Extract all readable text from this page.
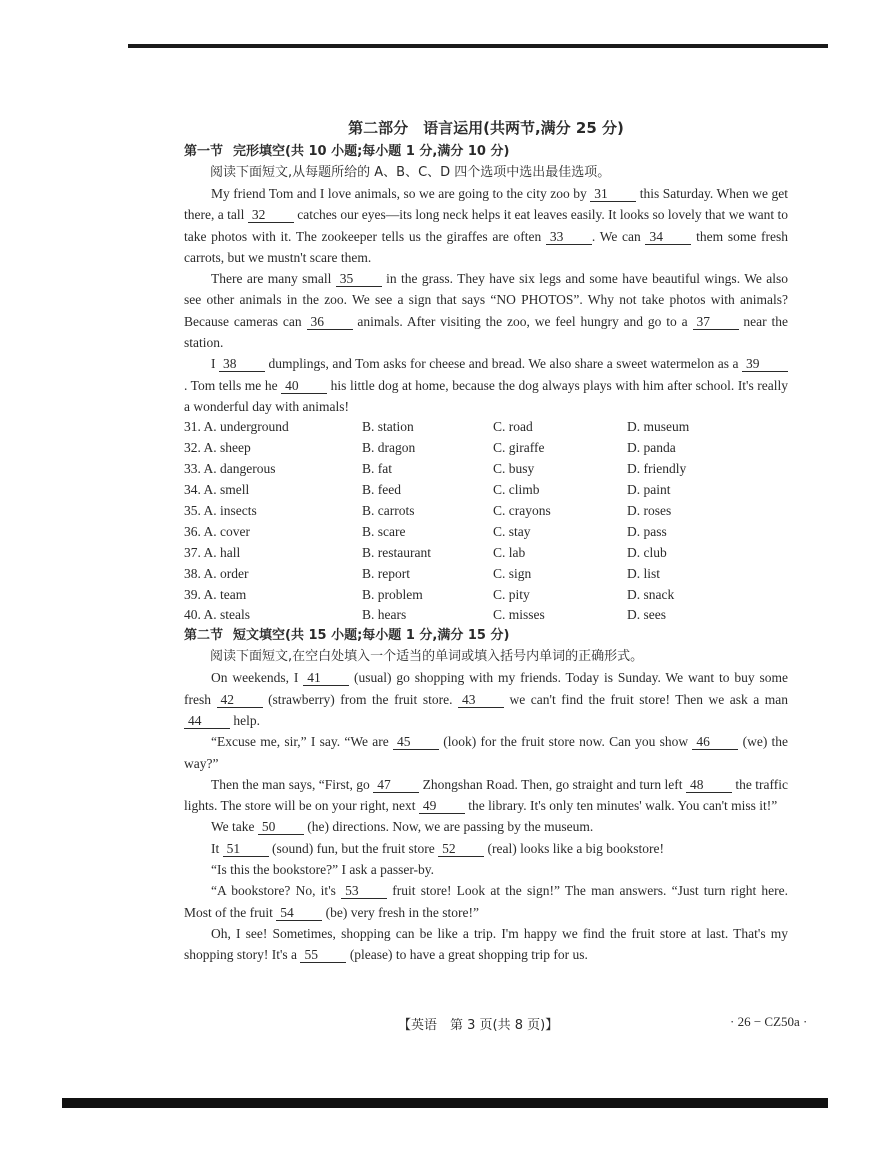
第二部分　语言运用(共两节,满分 25 分)
第一节 完形填空(共 10 小题;每小题 1 分,满分 10 分)

阅读下面短文,从每题所给的 A、B、C、D 四个选项中选出最佳选项。

My friend Tom and I love animals, so we are going to the city zoo by 31 this Saturday. When we get there, a tall 32 catches our eyes—its long neck helps it eat leaves easily. It looks so lovely that we want to take photos with it. The zookeeper tells us the giraffes are often 33 . We can 34 them some fresh carrots, but we mustn't scare them.

There are many small 35 in the grass. They have six legs and some have beautiful wings. We also see other animals in the zoo. We see a sign that says “NO PHOTOS”. Why not take photos with animals? Because cameras can 36 animals. After visiting the zoo, we feel hungry and go to a 37 near the station.

I 38 dumplings, and Tom asks for cheese and bread. We also share a sweet watermelon as a 39. Tom tells me he 40 his little dog at home, because the dog always plays with him after school. It's really a wonderful day with animals!

31. A. underground	B. station	C. road	D. museum
32. A. sheep	B. dragon	C. giraffe	D. panda
33. A. dangerous	B. fat	C. busy	D. friendly
34. A. smell	B. feed	C. climb	D. paint
35. A. insects	B. carrots	C. crayons	D. roses
36. A. cover	B. scare	C. stay	D. pass
37. A. hall	B. restaurant	C. lab	D. club
38. A. order	B. report	C. sign	D. list
39. A. team	B. problem	C. pity	D. snack
40. A. steals	B. hears	C. misses	D. sees
第二节 短文填空(共 15 小题;每小题 1 分,满分 15 分)

阅读下面短文,在空白处填入一个适当的单词或填入括号内单词的正确形式。

On weekends, I 41 (usual) go shopping with my friends. Today is Sunday. We want to buy some fresh 42	(strawberry) from the fruit store. 43	we can't find the fruit store! Then we ask a man 44 help.

“Excuse me, sir,” I say. “We are 45 (look) for the fruit store now. Can you show 46 (we) the way?”

Then the man says, “First, go 47 Zhongshan Road. Then, go straight and turn left 48 the traffic lights. The store will be on your right, next 49 the library. It's only ten minutes' walk. You can't miss it!”

We take 50 (he) directions. Now, we are passing by the museum.

It 51 (sound) fun, but the fruit store 52 (real) looks like a big bookstore!

“Is this the bookstore?” I ask a passer-by.

“A bookstore? No, it's 53 fruit store! Look at the sign!” The man answers. “Just turn right here. Most of the fruit 54 (be) very fresh in the store!”

Oh, I see! Sometimes, shopping can be like a trip. I'm happy we find the fruit store at last. That's my shopping story! It's a 55 (please) to have a great shopping trip for us.

【英语　第 3 页(共 8 页)】	· 26 − CZ50a ·
